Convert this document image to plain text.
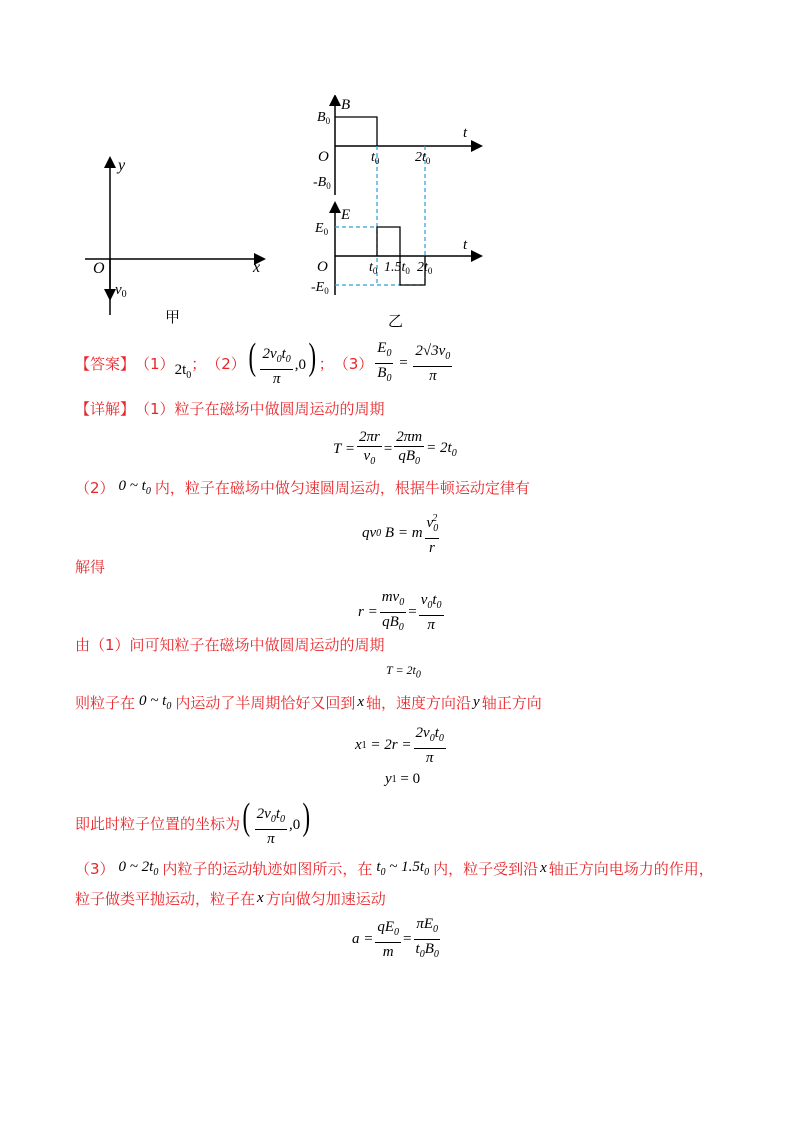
x
y
O
$v_0$
甲
B
t
$B_0$
O	$t_0$	$2t_0$
$-B_0$
E
t
$E_0$
O	$t_0$ $1.5t_0$ $2t_0$
$-E_0$
乙
【答案】 （1） $2t_0$
； （2） ( $\frac{2v_0t_0}{\pi} ,0$) ； $(3) \frac{E_0}{B_0} = \frac{2√3v_0}{\pi}$
【详解】 （1）粒子在磁场中做圆周运动的周期
$T = \frac{2\pi r}{v_0} = \frac{2\pi m}{qB_0} = 2t_0$
（2） 0 ~ $t_0$ 内，粒子在磁场中做匀速圆周运动，根据牛顿运动定律有
qv 0
B = m $\frac{v_0^2}{r}$
解得
$r = \frac{mv_0}{qB_0} = \frac{v_0t_0}{\pi}$
由（1）问可知粒子在磁场中做圆周运动的周期
$T = 2t_0$
则粒子在 0 ~ $t_0$ 内运动了半周期恰好又回到 x 轴，速度方向沿 y 轴正方向
x 1
= $2r = \frac{2v_0t_0}{\pi}$
y 1
= 0
即此时粒子位置的坐标为 ( $\frac{2v_0t_0}{\pi} ,0$)
（3） 0 ~ $2t_0$ 内粒子的运动轨迹如图所示，在 $t_0$ ~ $1.5t_0$ 内，粒子受到沿 x 轴正方向电场力的作用，
粒子做类平抛运动，粒子在 x 方向做匀加速运动
$a = \frac{qE_0}{m} = \frac{\pi E_0}{t_0B_0}$
